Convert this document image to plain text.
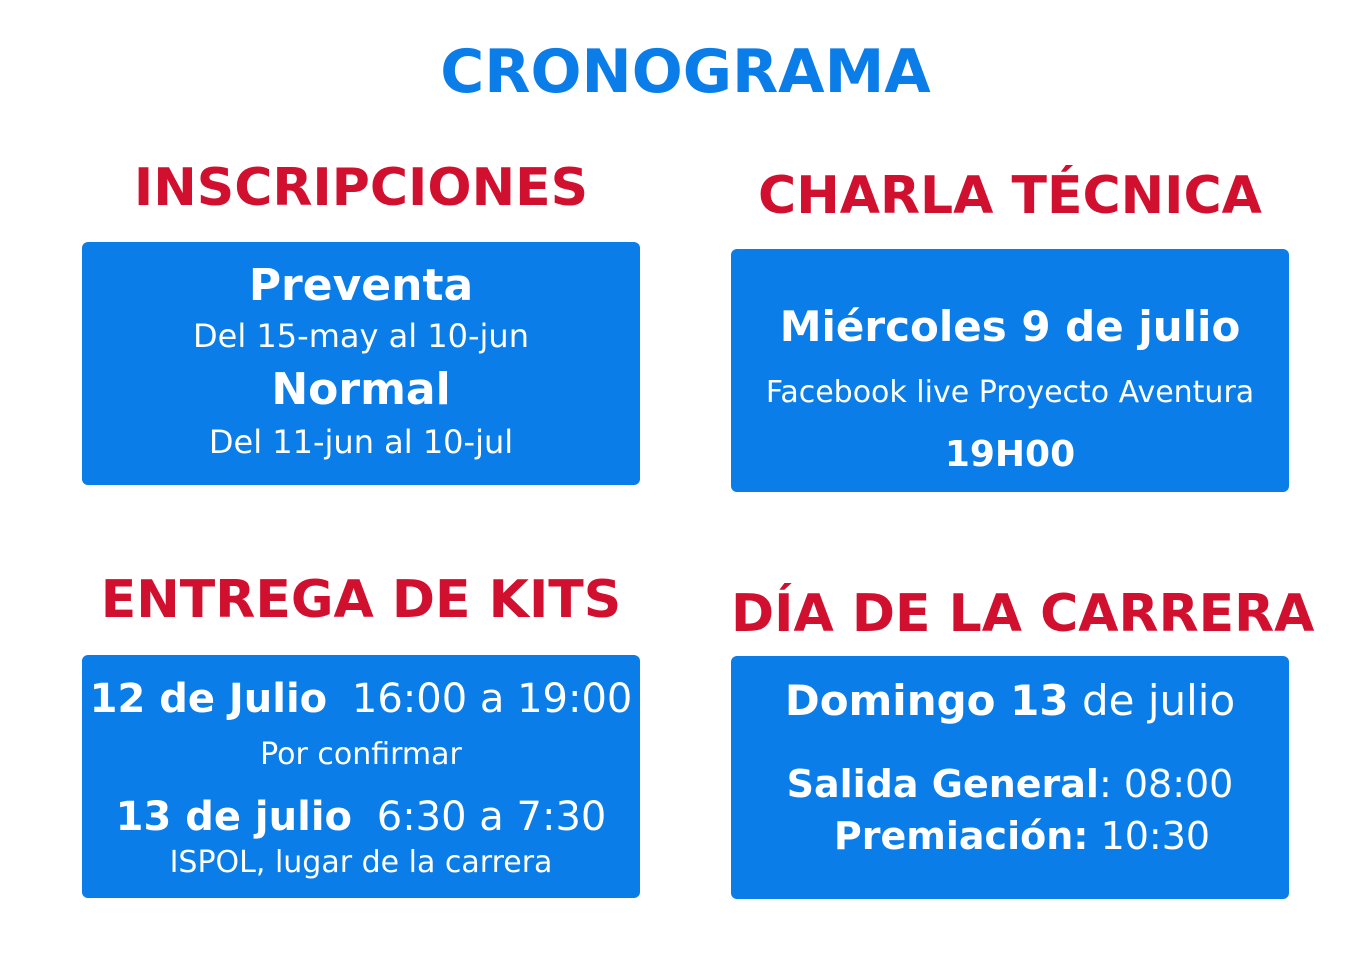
CRONOGRAMA
INSCRIPCIONES
Preventa
Del 15-may al 10-jun
Normal
Del 11-jun al 10-jul
CHARLA TÉCNICA
Miércoles 9 de julio
Facebook live Proyecto Aventura
19H00
ENTREGA DE KITS
12 de Julio 16:00 a 19:00
Por confirmar
13 de julio 6:30 a 7:30
ISPOL, lugar de la carrera
DÍA DE LA CARRERA
Domingo 13 de julio
Salida General: 08:00
Premiación: 10:30
